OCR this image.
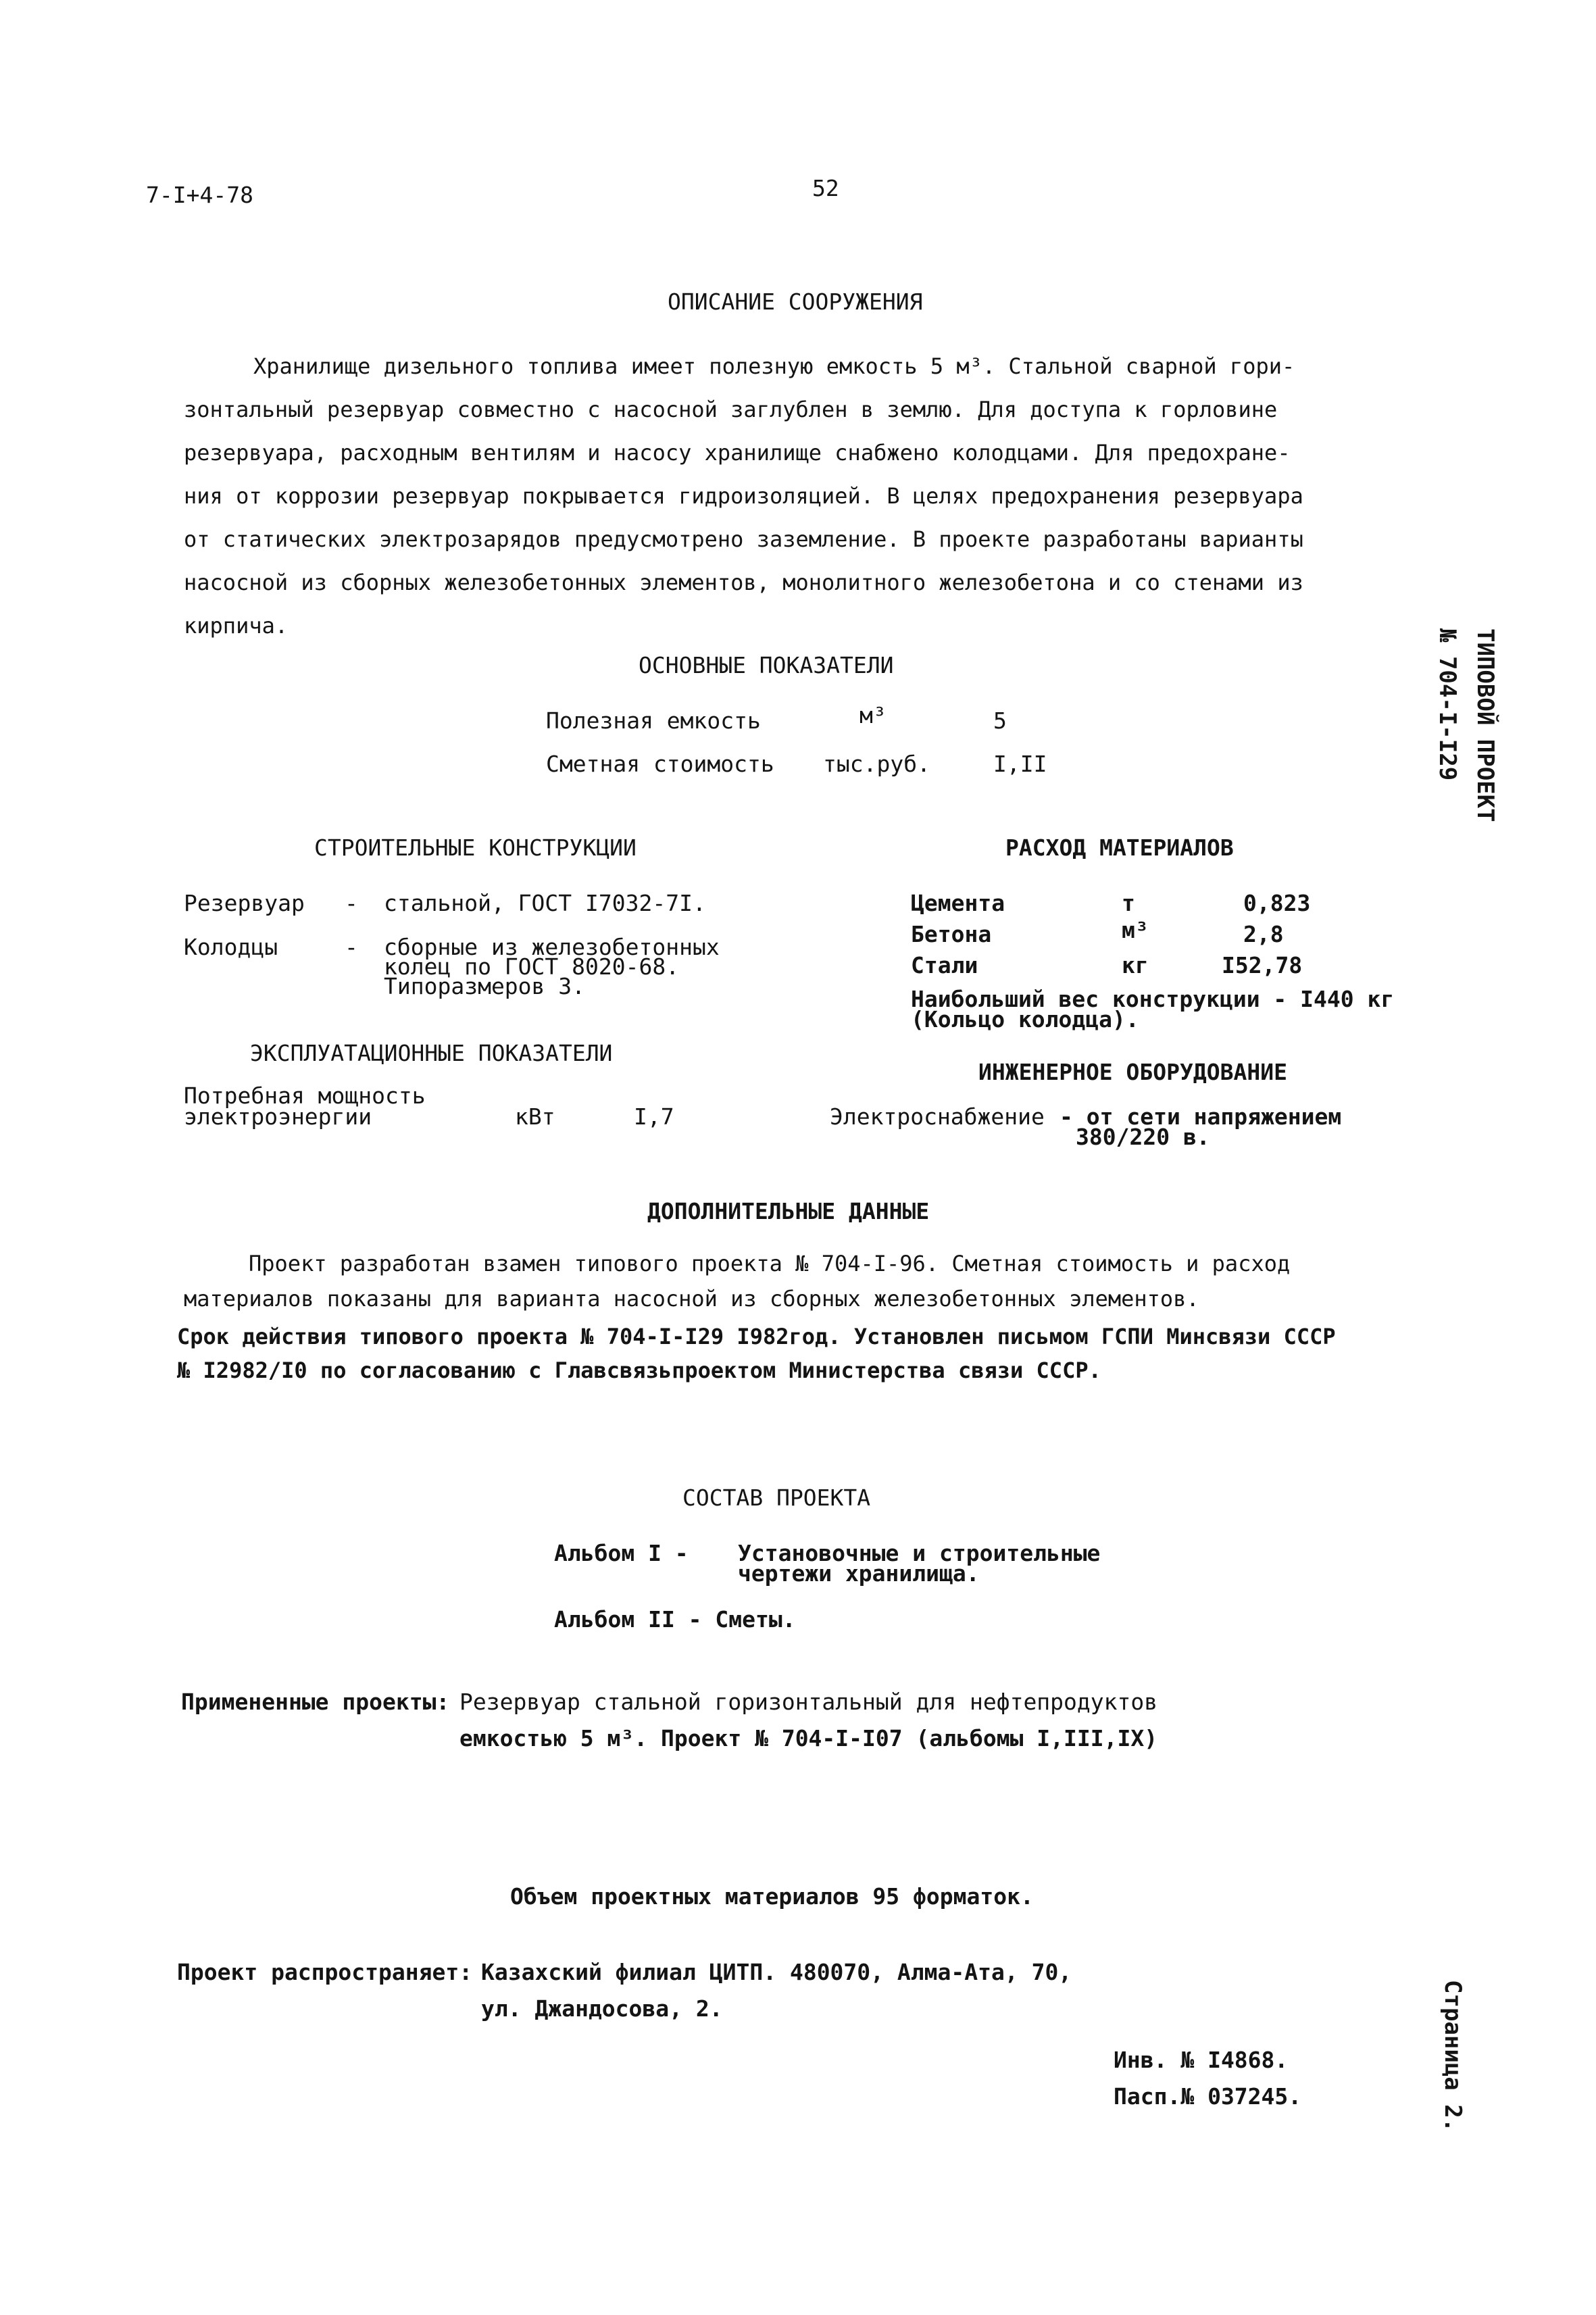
7-I+4-78	52
ТИПОВОЙ ПРОЕКТ
№ 704-I-I29
Страница 2.
ОПИСАНИЕ СООРУЖЕНИЯ
Хранилище дизельного топлива имеет полезную емкость 5 м³. Стальной сварной гори-
зонтальный резервуар совместно с насосной заглублен в землю. Для доступа к горловине
резервуара, расходным вентилям и насосу хранилище снабжено колодцами. Для предохране-
ния от коррозии резервуар покрывается гидроизоляцией. В целях предохранения резервуара
от статических электрозарядов предусмотрено заземление. В проекте разработаны варианты
насосной из сборных железобетонных элементов, монолитного железобетона и со стенами из
кирпича.
ОСНОВНЫЕ ПОКАЗАТЕЛИ
Полезная емкость	м³	5
Сметная стоимость тыс.руб.	I,II
СТРОИТЕЛЬНЫЕ КОНСТРУКЦИИ
Резервуар - стальной, ГОСТ I7032-7I.
Колодцы	- сборные из железобетонных
колец по ГОСТ 8020-68.
Типоразмеров 3.
РАСХОД МАТЕРИАЛОВ
Цемента	т	0,823
Бетона	м³	2,8
Стали	кг	I52,78
Наибольший вес конструкции - I440 кг
(Кольцо колодца).
ЭКСПЛУАТАЦИОННЫЕ ПОКАЗАТЕЛИ
Потребная мощность
электроэнергии	кВт	I,7
ИНЖЕНЕРНОЕ ОБОРУДОВАНИЕ
Электроснабжение - от сети напряжением
380/220 в.
ДОПОЛНИТЕЛЬНЫЕ ДАННЫЕ
Проект разработан взамен типового проекта № 704-I-96. Сметная стоимость и расход
материалов показаны для варианта насосной из сборных железобетонных элементов.
Срок действия типового проекта № 704-I-I29 I982год. Установлен письмом ГСПИ Минсвязи СССР
№ I2982/I0 по согласованию с Главсвязьпроектом Министерства связи СССР.
СОСТАВ ПРОЕКТА
Альбом I - Установочные и строительные
чертежи хранилища.
Альбом II - Сметы.
Примененные проекты: Резервуар стальной горизонтальный для нефтепродуктов
емкостью 5 м³. Проект № 704-I-I07 (альбомы I,III,IX)
Объем проектных материалов 95 форматок.
Проект распространяет: Казахский филиал ЦИТП. 480070, Алма-Ата, 70,
ул. Джандосова, 2.
Инв. № I4868.
Пасп.№ 037245.
